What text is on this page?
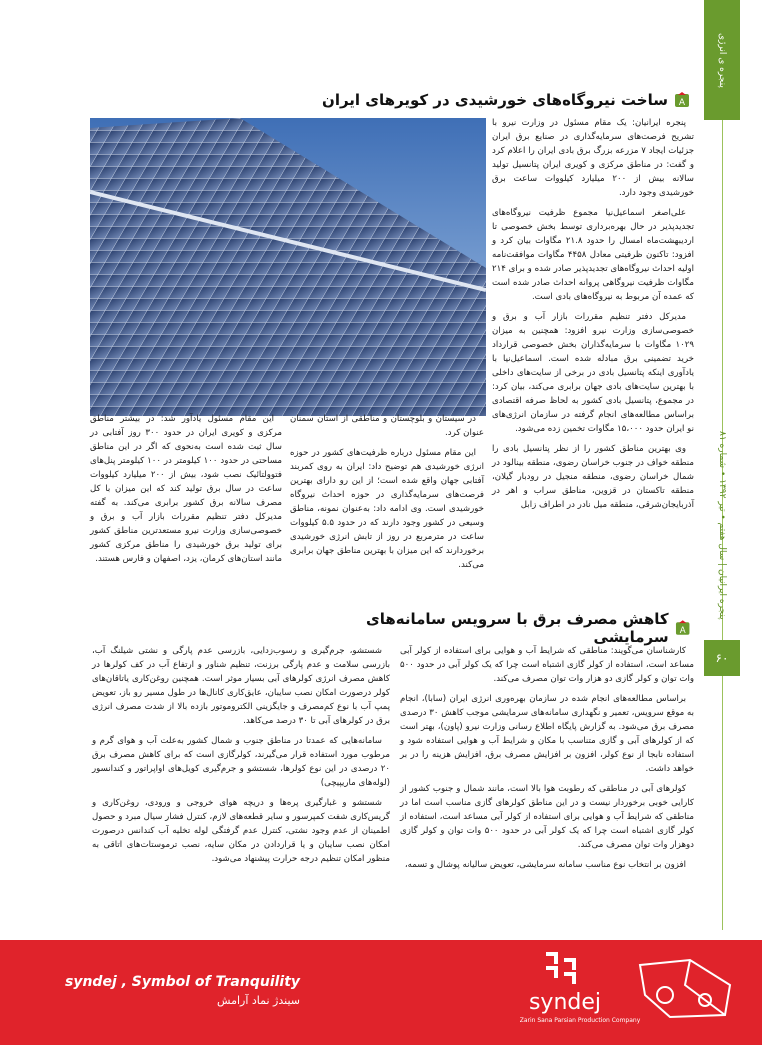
پنجره ی انرژی
پنجره ایرانیان | سال هفتم • تیر ۱۳۹۲ • شماره ۸۱
۶۰
A
ساخت نیروگاه‌های خورشیدی در کویرهای ایران

پنجره ایرانیان: یک مقام مسئول در وزارت نیرو با تشریح فرصت‌های سرمایه‌گذاری در صنایع برق ایران جزئیات ایجاد ۷ مزرعه بزرگ برق بادی ایران را اعلام کرد و گفت: در مناطق مرکزی و کویری ایران پتانسیل تولید سالانه بیش از ۲۰۰ میلیارد کیلووات ساعت برق خورشیدی وجود دارد.

علی‌اصغر اسماعیل‌نیا مجموع ظرفیت نیروگاه‌های تجدیدپذیر در حال بهره‌برداری توسط بخش خصوصی تا اردیبهشت‌ماه امسال را حدود ۲۱.۸ مگاوات بیان کرد و افزود: تاکنون ظرفیتی معادل ۴۴۵۸ مگاوات موافقت‌نامه اولیه احداث نیروگاه‌های تجدیدپذیر صادر شده و برای ۲۱۴ مگاوات ظرفیت نیروگاهی پروانه احداث صادر شده است که عمده آن مربوط به نیروگاه‌های بادی است.

مدیرکل دفتر تنظیم مقررات بازار آب و برق و خصوصی‌سازی وزارت نیرو افزود: همچنین به میزان ۱۰۲۹ مگاوات با سرمایه‌گذاران بخش خصوصی قرارداد خرید تضمینی برق مبادله شده است. اسماعیل‌نیا با یادآوری اینکه پتانسیل بادی در برخی از سایت‌های داخلی با بهترین سایت‌های بادی جهان برابری می‌کند، بیان کرد: در مجموع، پتانسیل بادی کشور به لحاظ صرفه اقتصادی براساس مطالعه‌های انجام گرفته در سازمان انرژی‌های نو ایران حدود ۱۵،۰۰۰ مگاوات تخمین زده می‌شود.

وی بهترین مناطق کشور را از نظر پتانسیل بادی را منطقه خواف در جنوب خراسان رضوی، منطقه بینالود در شمال خراسان رضوی، منطقه منجیل در رودبار گیلان، منطقه تاکستان در قزوین، مناطق سراب و اهر در آذربایجان‌شرقی، منطقه میل نادر در اطراف زابل

در سیستان و بلوچستان و مناطقی از استان سمنان عنوان کرد.

این مقام مسئول درباره ظرفیت‌های کشور در حوزه انرژی خورشیدی هم توضیح داد: ایران به روی کمربند آفتابی جهان واقع شده است؛ از این رو دارای بهترین فرصت‌های سرمایه‌گذاری در حوزه احداث نیروگاه خورشیدی است. وی ادامه داد: به‌عنوان نمونه، مناطق وسیعی در کشور وجود دارند که در حدود ۵.۵ کیلووات ساعت در مترمربع در روز از تابش انرژی خورشیدی برخوردارند که این میزان با بهترین مناطق جهان برابری می‌کند.

این مقام مسئول یادآور شد: در بیشتر مناطق مرکزی و کویری ایران در حدود ۳۰۰ روز آفتابی در سال ثبت شده است به‌نحوی که اگر در این مناطق مساحتی در حدود ۱۰۰ کیلومتر در ۱۰۰ کیلومتر پنل‌های فتوولتائیک نصب شود، بیش از ۲۰۰ میلیارد کیلووات ساعت در سال برق تولید کند که این میزان با کل مصرف سالانه برق کشور برابری می‌کند. به گفته مدیرکل دفتر تنظیم مقررات بازار آب و برق و خصوصی‌سازی وزارت نیرو مستعدترین مناطق کشور برای تولید برق خورشیدی را مناطق مرکزی کشور مانند استان‌های کرمان، یزد، اصفهان و فارس هستند.

A
کاهش مصرف برق با سرویس سامانه‌های سرمایشی

کارشناسان می‌گویند: مناطقی که شرایط آب و هوایی برای استفاده از کولر آبی مساعد است، استفاده از کولر گازی اشتباه است چرا که یک کولر آبی در حدود ۵۰۰ وات توان و کولر گازی دو هزار وات توان مصرف می‌کند.

براساس مطالعه‌های انجام شده در سازمان بهره‌وری انرژی ایران (سابا)، انجام به موقع سرویس، تعمیر و نگهداری سامانه‌های سرمایشی موجب کاهش ۳۰ درصدی مصرف برق می‌شود. به گزارش پایگاه اطلاع رسانی وزارت نیرو (پاون)، بهتر است که از کولرهای آبی و گازی متناسب با مکان و شرایط آب و هوایی استفاده شود و استفاده نابجا از نوع کولر، افزون بر افزایش مصرف برق، افزایش هزینه را در بر خواهد داشت.

کولرهای آبی در مناطقی که رطوبت هوا بالا است، مانند شمال و جنوب کشور از کارایی خوبی برخوردار نیست و در این مناطق کولرهای گازی مناسب است اما در مناطقی که شرایط آب و هوایی برای استفاده از کولر آبی مساعد است، استفاده از کولر گازی اشتباه است چرا که یک کولر آبی در حدود ۵۰۰ وات توان و کولر گازی دوهزار وات توان مصرف می‌کند.

افزون بر انتخاب نوع مناسب سامانه سرمایشی، تعویض سالیانه پوشال و تسمه،

شستشو، جرم‌گیری و رسوب‌زدایی، بازرسی عدم پارگی و نشتی شیلنگ آب، بازرسی سلامت و عدم پارگی برزنت، تنظیم شناور و ارتفاع آب در کف کولرها در کاهش مصرف انرژی کولرهای آبی بسیار موثر است. همچنین روغن‌کاری یاتاقان‌های کولر درصورت امکان نصب سایبان، عایق‌کاری کانال‌ها در طول مسیر رو باز، تعویض پمپ آب با نوع کم‌مصرف و جایگزینی الکتروموتور بازده بالا از شدت مصرف انرژی برق در کولرهای آبی تا ۳۰ درصد می‌کاهد.

سامانه‌هایی که عمدتا در مناطق جنوب و شمال کشور به‌علت آب و هوای گرم و مرطوب مورد استفاده قرار می‌گیرند، کولرگازی است که برای کاهش مصرف برق ۲۰ درصدی در این نوع کولرها، شستشو و جرم‌گیری کویل‌های اواپراتور و کندانسور (لوله‌های ماریپیچی)

شستشو و غبارگیری پره‌ها و دریچه هوای خروجی و ورودی، روغن‌کاری و گریس‌کاری شفت کمپرسور و سایر قطعه‌های لازم، کنترل فشار سیال مبرد و حصول اطمینان از عدم وجود نشتی، کنترل عدم گرفتگی لوله تخلیه آب کندانس درصورت امکان نصب سایبان و یا قراردادن در مکان سایه، نصب ترموستات‌های اتاقی به منظور امکان تنظیم درجه حرارت پیشنهاد می‌شود.

syndej , Symbol of Tranquility
سیندژ نماد آرامش	syndej
Zarin Sana Parsian Production Company
